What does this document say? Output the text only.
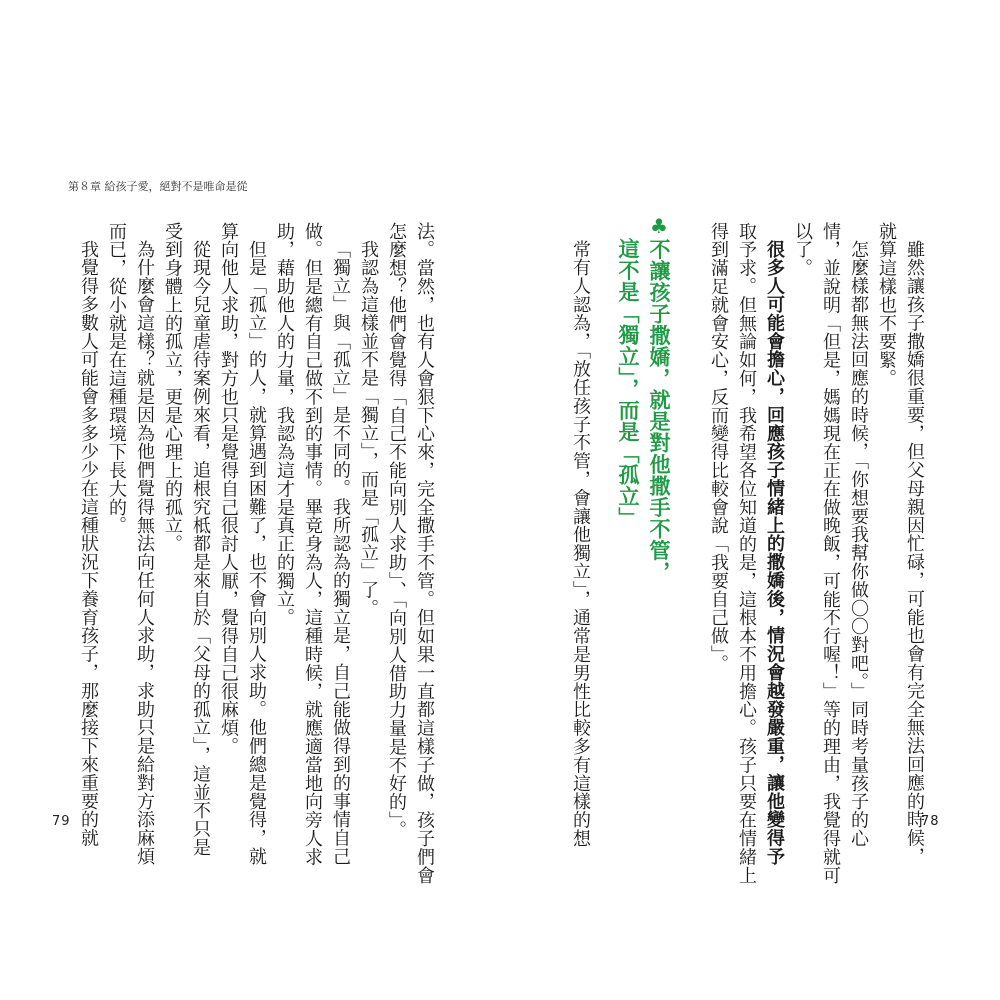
第８章 給孩子愛，絕對不是唯命是從
雖然讓孩子撒嬌很重要，但父母親因忙碌，可能也會有完全無法回應的時候，
就算這樣也不要緊。
怎麼樣都無法回應的時候，「你想要我幫你做〇〇對吧。」同時考量孩子的心
情，並說明「但是，媽媽現在正在做晚飯，可能不行喔！」等的理由，我覺得就可
以了。
很多人可能會擔心，回應孩子情緒上的撒嬌後，情況會越發嚴重，讓他變得予
取予求。但無論如何，我希望各位知道的是，這根本不用擔心。孩子只要在情緒上
得到滿足就會安心，反而變得比較會說「我要自己做」。
♣不讓孩子撒嬌，就是對他撒手不管，
這不是「獨立」，而是「孤立」
常有人認為，「放任孩子不管，會讓他獨立」，通常是男性比較多有這樣的想
法。當然，也有人會狠下心來，完全撒手不管。但如果一直都這樣子做，孩子們會
怎麼想？他們會覺得「自己不能向別人求助」、「向別人借助力量是不好的」。
我認為這樣並不是「獨立」，而是「孤立」了。
「獨立」與「孤立」是不同的。我所認為的獨立是，自己能做得到的事情自己
做。但是總有自己做不到的事情。畢竟身為人，這種時候，就應適當地向旁人求
助，藉助他人的力量，我認為這才是真正的獨立。
但是「孤立」的人，就算遇到困難了，也不會向別人求助。他們總是覺得，就
算向他人求助，對方也只是覺得自己很討人厭，覺得自己很麻煩。
從現今兒童虐待案例來看，追根究柢都是來自於「父母的孤立」，這並不只是
受到身體上的孤立，更是心理上的孤立。
為什麼會這樣？就是因為他們覺得無法向任何人求助，求助只是給對方添麻煩
而已，從小就是在這種環境下長大的。
我覺得多數人可能會多多少少在這種狀況下養育孩子，那麼接下來重要的就	78
79
